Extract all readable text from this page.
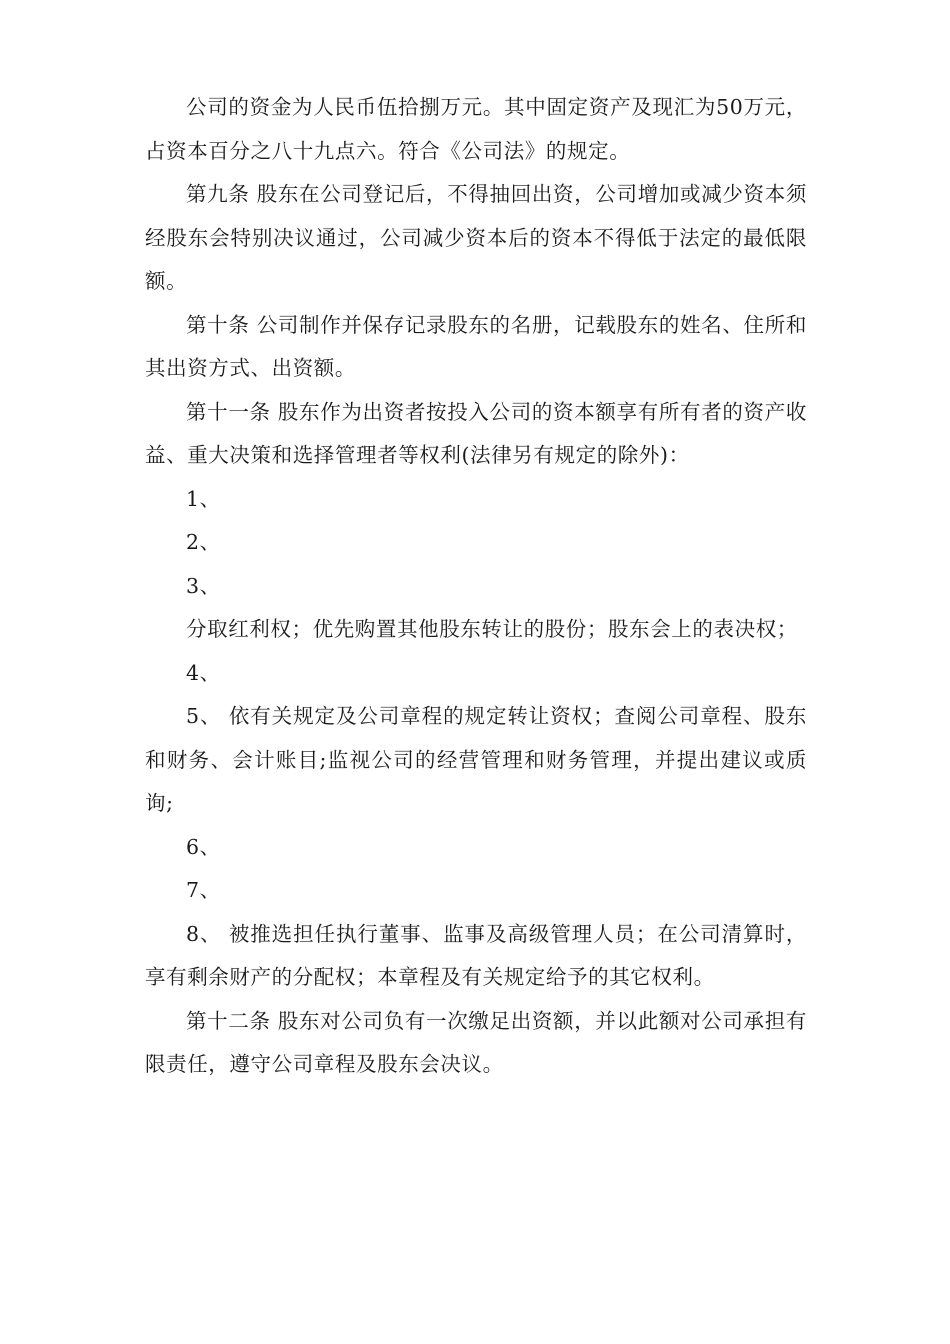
公司的资金为人民币伍拾捌万元。其中固定资产及现汇为50万元，占资本百分之八十九点六。符合《公司法》的规定。

第九条 股东在公司登记后，不得抽回出资，公司增加或减少资本须经股东会特别决议通过，公司减少资本后的资本不得低于法定的最低限额。

第十条 公司制作并保存记录股东的名册，记载股东的姓名、住所和其出资方式、出资额。

第十一条 股东作为出资者按投入公司的资本额享有所有者的资产收益、重大决策和选择管理者等权利(法律另有规定的除外)：

1、

2、

3、

分取红利权；优先购置其他股东转让的股份；股东会上的表决权；

4、

5、 依有关规定及公司章程的规定转让资权；查阅公司章程、股东和财务、会计账目;监视公司的经营管理和财务管理，并提出建议或质询;

6、

7、

8、 被推选担任执行董事、监事及高级管理人员；在公司清算时，享有剩余财产的分配权；本章程及有关规定给予的其它权利。

第十二条 股东对公司负有一次缴足出资额，并以此额对公司承担有限责任，遵守公司章程及股东会决议。
